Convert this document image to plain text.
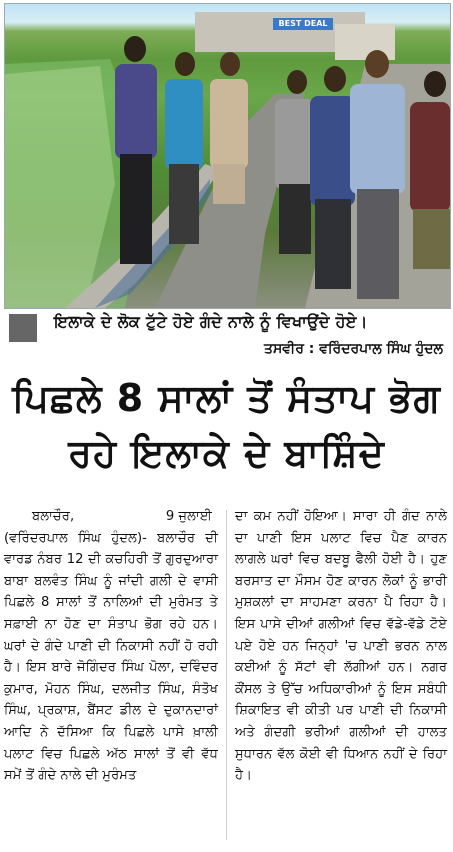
BEST DEAL
ਇਲਾਕੇ ਦੇ ਲੋਕ ਟੁੱਟੇ ਹੋਏ ਗੰਦੇ ਨਾਲੇ ਨੂੰ ਵਿਖਾਉਂਦੇ ਹੋਏ।
ਤਸਵੀਰ : ਵਰਿੰਦਰਪਾਲ ਸਿੰਘ ਹੁੰਦਲ
ਪਿਛਲੇ 8 ਸਾਲਾਂ ਤੋਂ ਸੰਤਾਪ ਭੋਗ
ਰਹੇ ਇਲਾਕੇ ਦੇ ਬਾਸ਼ਿੰਦੇ
ਬਲਾਚੌਰ,	9 ਜੁਲਾਈ
(ਵਰਿੰਦਰਪਾਲ ਸਿੰਘ ਹੁੰਦਲ)- ਬਲਾਚੌਰ ਦੀ ਵਾਰਡ ਨੰਬਰ 12 ਦੀ ਕਚਹਿਰੀ ਤੋਂ ਗੁਰਦੁਆਰਾ ਬਾਬਾ ਬਲਵੰਤ ਸਿੰਘ ਨੂੰ ਜਾਂਦੀ ਗਲੀ ਦੇ ਵਾਸੀ ਪਿਛਲੇ 8 ਸਾਲਾਂ ਤੋਂ ਨਾਲਿਆਂ ਦੀ ਮੁਰੰਮਤ ਤੇ ਸਫ਼ਾਈ ਨਾ ਹੋਣ ਦਾ ਸੰਤਾਪ ਭੋਗ ਰਹੇ ਹਨ। ਘਰਾਂ ਦੇ ਗੰਦੇ ਪਾਣੀ ਦੀ ਨਿਕਾਸੀ ਨਹੀਂ ਹੋ ਰਹੀ ਹੈ। ਇਸ ਬਾਰੇ ਜੋਗਿੰਦਰ ਸਿੰਘ ਪੋਲਾ, ਦਵਿੰਦਰ ਕੁਮਾਰ, ਮੋਹਨ ਸਿੰਘ, ਦਲਜੀਤ ਸਿੰਘ, ਸੰਤੋਖ ਸਿੰਘ, ਪ੍ਰਕਾਸ਼, ਬੈਂਸਟ ਡੀਲ ਦੇ ਦੁਕਾਨਦਾਰਾਂ ਆਦਿ ਨੇ ਦੱਸਿਆ ਕਿ ਪਿਛਲੇ ਪਾਸੇ ਖ਼ਾਲੀ ਪਲਾਟ ਵਿਚ ਪਿਛਲੇ ਅੱਠ ਸਾਲਾਂ ਤੋਂ ਵੀ ਵੱਧ ਸਮੇਂ ਤੋਂ ਗੰਦੇ ਨਾਲੇ ਦੀ ਮੁਰੰਮਤ
ਦਾ ਕਮ ਨਹੀਂ ਹੋਇਆ। ਸਾਰਾ ਹੀ ਗੰਦ ਨਾਲੇ ਦਾ ਪਾਣੀ ਇਸ ਪਲਾਟ ਵਿਚ ਪੈਣ ਕਾਰਨ ਲਾਗਲੇ ਘਰਾਂ ਵਿਚ ਬਦਬੂ ਫੈਲੀ ਹੋਈ ਹੈ। ਹੁਣ ਬਰਸਾਤ ਦਾ ਮੌਸਮ ਹੋਣ ਕਾਰਨ ਲੋਕਾਂ ਨੂੰ ਭਾਰੀ ਮੁਸ਼ਕਲਾਂ ਦਾ ਸਾਹਮਣਾ ਕਰਨਾ ਪੈ ਰਿਹਾ ਹੈ। ਇਸ ਪਾਸੇ ਦੀਆਂ ਗਲੀਆਂ ਵਿਚ ਵੱਡੇ-ਵੱਡੇ ਟੋਏ ਪਏ ਹੋਏ ਹਨ ਜਿਨ੍ਹਾਂ 'ਚ ਪਾਣੀ ਭਰਨ ਨਾਲ ਕਈਆਂ ਨੂੰ ਸੱਟਾਂ ਵੀ ਲੱਗੀਆਂ ਹਨ। ਨਗਰ ਕੌਂਸਲ ਤੇ ਉੱਚ ਅਧਿਕਾਰੀਆਂ ਨੂੰ ਇਸ ਸਬੰਧੀ ਸ਼ਿਕਾਇਤ ਵੀ ਕੀਤੀ ਪਰ ਪਾਣੀ ਦੀ ਨਿਕਾਸੀ ਅਤੇ ਗੰਦਗੀ ਭਰੀਆਂ ਗਲੀਆਂ ਦੀ ਹਾਲਤ ਸੁਧਾਰਨ ਵੱਲ ਕੋਈ ਵੀ ਧਿਆਨ ਨਹੀਂ ਦੇ ਰਿਹਾ ਹੈ।
